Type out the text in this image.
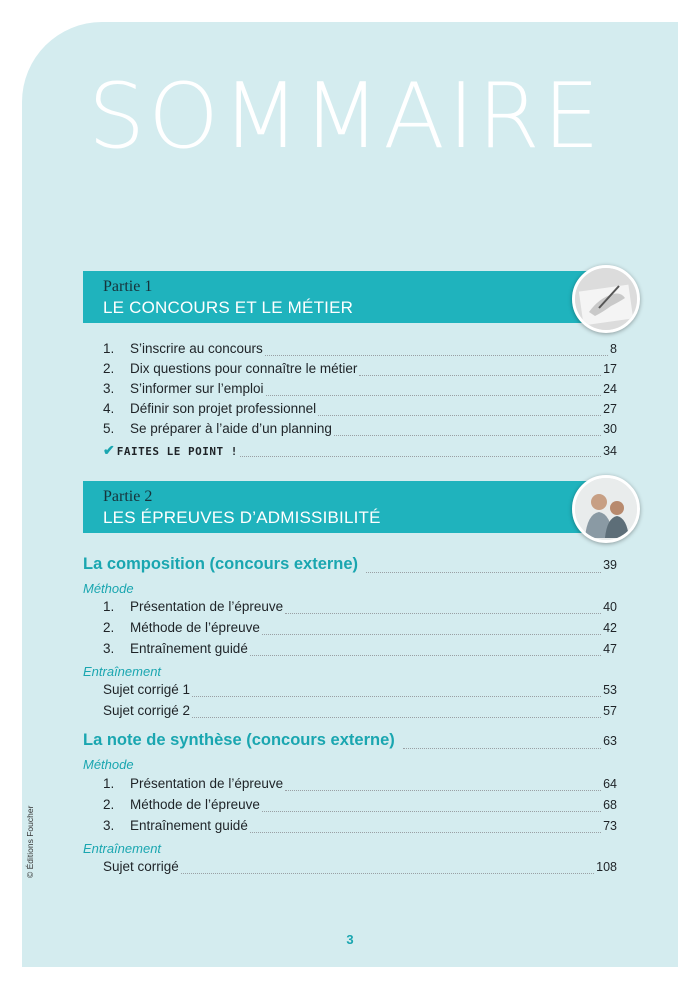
SOMMAIRE
Partie 1
LE CONCOURS ET LE MÉTIER
1.	S’inscrire au concours	8
2.	Dix questions pour connaître le métier	17
3.	S’informer sur l’emploi	24
4.	Définir son projet professionnel	27
5.	Se préparer à l’aide d’un planning	30
✔ FAITES LE POINT !	34
Partie 2
LES ÉPREUVES D’ADMISSIBILITÉ
La composition (concours externe)	39
Méthode
1.	Présentation de l’épreuve	40
2.	Méthode de l’épreuve	42
3.	Entraînement guidé	47
Entraînement
Sujet corrigé 1	53
Sujet corrigé 2	57
La note de synthèse (concours externe)	63
Méthode
1.	Présentation de l’épreuve	64
2.	Méthode de l’épreuve	68
3.	Entraînement guidé	73
Entraînement
Sujet corrigé	108
© Éditions Foucher
3
